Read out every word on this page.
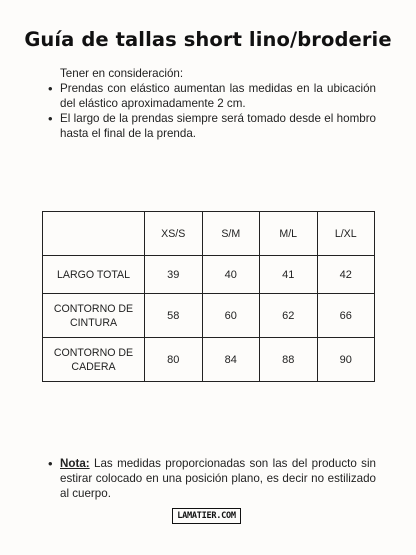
Guía de tallas short lino/broderie

Tener en consideración:

• Prendas con elástico aumentan las medidas en la ubicación del elástico aproximadamente 2 cm.
• El largo de la prendas siempre será tomado desde el hombro hasta el final de la prenda.
	XS/S	S/M	M/L	L/XL
LARGO TOTAL	39	40	41	42
CONTORNO DE CINTURA	58	60	62	66
CONTORNO DE CADERA	80	84	88	90
• Nota: Las medidas proporcionadas son las del producto sin estirar colocado en una posición plano, es decir no estilizado al cuerpo.
LAMATIER.COM
